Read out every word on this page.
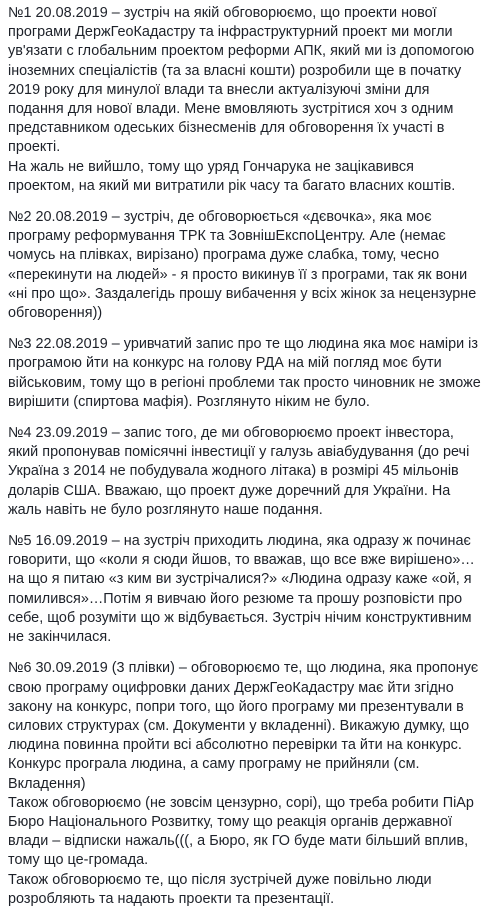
№1 20.08.2019 – зустріч на якій обговорюємо, що проекти нової програми ДержГеоКадастру та інфраструктурний проект ми могли ув'язати с глобальним проектом реформи АПК, який ми із допомогою іноземних спеціалістів (та за власні кошти) розробили ще в початку 2019 року для минулої влади та внесли актуалізуючі зміни для подання для нової влади. Мене вмовляють зустрітися хоч з одним представником одеських бізнесменів для обговорення їх участі в проекті.

На жаль не вийшло, тому що уряд Гончарука не зацікавився проектом, на який ми витратили рік часу та багато власних коштів.

№2 20.08.2019 – зустріч, де обговорюється «дєвочка», яка моє програму реформування ТРК та ЗовнішЕкспоЦентру. Але (немає чомусь на плівках, вирізано) програма дуже слабка, тому, чесно «перекинути на людей» - я просто викинув її з програми, так як вони «ні про що». Заздалегідь прошу вибачення у всіх жінок за нецензурне обговорення))

№3 22.08.2019 – уривчатий запис про те що людина яка моє наміри із програмою йти на конкурс на голову РДА на мій погляд моє бути військовим, тому що в регіоні проблеми так просто чиновник не зможе вирішити (спиртова мафія). Розглянуто ніким не було.

№4 23.09.2019 – запис того, де ми обговорюємо проект інвестора, який пропонував помісячні інвестиції у галузь авіабудування (до речі Україна з 2014 не побудувала жодного літака) в розмірі 45 мільонів доларів США. Вважаю, що проект дуже доречний для України. На жаль навіть не було розглянуто наше подання.

№5 16.09.2019 – на зустріч приходить людина, яка одразу ж починає говорити, що «коли я сюди йшов, то вважав, що все вже вирішено»… на що я питаю «з ким ви зустрічалися?» «Людина одразу каже «ой, я помилився»…Потім я вивчаю його резюме та прошу розповісти про себе, щоб розуміти що ж відбувається. Зустріч нічим конструктивним не закінчилася.

№6 30.09.2019 (3 плівки) – обговорюємо те, що людина, яка пропонує свою програму оцифровки даних ДержГеоКадастру має йти згідно закону на конкурс, попри того, що його програму ми презентували в силових структурах (см. Документи у вкладенні). Викажую думку, що людина повинна пройти всі абсолютно перевірки та йти на конкурс. Конкурс програла людина, а саму програму не прийняли (см. Вкладення)

Також обговорюємо (не зовсім цензурно, сорі), що треба робити ПіАр Бюро Національного Розвитку, тому що реакція органів державної влади – відписки нажаль(((, а Бюро, як ГО буде мати більший вплив, тому що це-громада.

Також обговорюємо те, що після зустрічей дуже повільно люди розробляють та надають проекти та презентації.
